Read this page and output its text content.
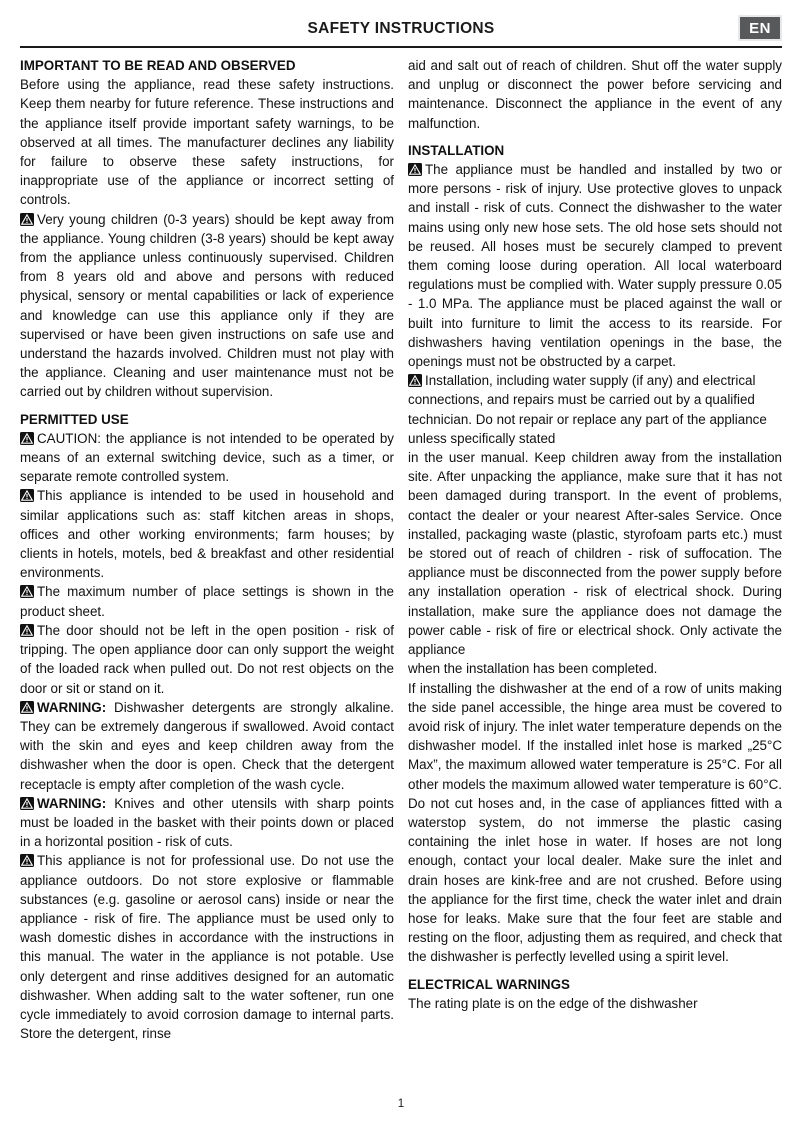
SAFETY INSTRUCTIONS	EN
IMPORTANT TO BE READ AND OBSERVED

Before using the appliance, read these safety instructions. Keep them nearby for future reference. These instructions and the appliance itself provide important safety warnings, to be observed at all times. The manufacturer declines any liability for failure to observe these safety instructions, for inappropriate use of the appliance or incorrect setting of controls.

Very young children (0-3 years) should be kept away from the appliance. Young children (3-8 years) should be kept away from the appliance unless continuously supervised. Children from 8 years old and above and persons with reduced physical, sensory or mental capabilities or lack of experience and knowledge can use this appliance only if they are supervised or have been given instructions on safe use and understand the hazards involved. Children must not play with the appliance. Cleaning and user maintenance must not be carried out by children without supervision.

PERMITTED USE

CAUTION: the appliance is not intended to be operated by means of an external switching device, such as a timer, or separate remote controlled system.

This appliance is intended to be used in household and similar applications such as: staff kitchen areas in shops, offices and other working environments; farm houses; by clients in hotels, motels, bed & breakfast and other residential environments.

The maximum number of place settings is shown in the product sheet.

The door should not be left in the open position - risk of tripping. The open appliance door can only support the weight of the loaded rack when pulled out. Do not rest objects on the door or sit or stand on it.

WARNING: Dishwasher detergents are strongly alkaline. They can be extremely dangerous if swallowed. Avoid contact with the skin and eyes and keep children away from the dishwasher when the door is open. Check that the detergent receptacle is empty after completion of the wash cycle.

WARNING: Knives and other utensils with sharp points must be loaded in the basket with their points down or placed in a horizontal position - risk of cuts.

This appliance is not for professional use. Do not use the appliance outdoors. Do not store explosive or flammable substances (e.g. gasoline or aerosol cans) inside or near the appliance - risk of fire. The appliance must be used only to wash domestic dishes in accordance with the instructions in this manual. The water in the appliance is not potable. Use only detergent and rinse additives designed for an automatic dishwasher. When adding salt to the water softener, run one cycle immediately to avoid corrosion damage to internal parts. Store the detergent, rinse

aid and salt out of reach of children. Shut off the water supply and unplug or disconnect the power before servicing and maintenance. Disconnect the appliance in the event of any malfunction.

INSTALLATION

The appliance must be handled and installed by two or more persons - risk of injury. Use protective gloves to unpack and install - risk of cuts. Connect the dishwasher to the water mains using only new hose sets. The old hose sets should not be reused. All hoses must be securely clamped to prevent them coming loose during operation. All local waterboard regulations must be complied with. Water supply pressure 0.05 - 1.0 MPa. The appliance must be placed against the wall or built into furniture to limit the access to its rearside. For dishwashers having ventilation openings in the base, the openings must not be obstructed by a carpet.

Installation, including water supply (if any) and electrical connections, and repairs must be carried out by a qualified technician. Do not repair or replace any part of the appliance unless specifically stated

in the user manual. Keep children away from the installation site. After unpacking the appliance, make sure that it has not been damaged during transport. In the event of problems, contact the dealer or your nearest After-sales Service. Once installed, packaging waste (plastic, styrofoam parts etc.) must be stored out of reach of children - risk of suffocation. The appliance must be disconnected from the power supply before any installation operation - risk of electrical shock. During installation, make sure the appliance does not damage the power cable - risk of fire or electrical shock. Only activate the appliance

when the installation has been completed.

If installing the dishwasher at the end of a row of units making the side panel accessible, the hinge area must be covered to avoid risk of injury. The inlet water temperature depends on the dishwasher model. If the installed inlet hose is marked „25°C Max”, the maximum allowed water temperature is 25°C. For all other models the maximum allowed water temperature is 60°C. Do not cut hoses and, in the case of appliances fitted with a waterstop system, do not immerse the plastic casing containing the inlet hose in water. If hoses are not long enough, contact your local dealer. Make sure the inlet and drain hoses are kink-free and are not crushed. Before using the appliance for the first time, check the water inlet and drain hose for leaks. Make sure that the four feet are stable and resting on the floor, adjusting them as required, and check that the dishwasher is perfectly levelled using a spirit level.

ELECTRICAL WARNINGS

The rating plate is on the edge of the dishwasher

1
